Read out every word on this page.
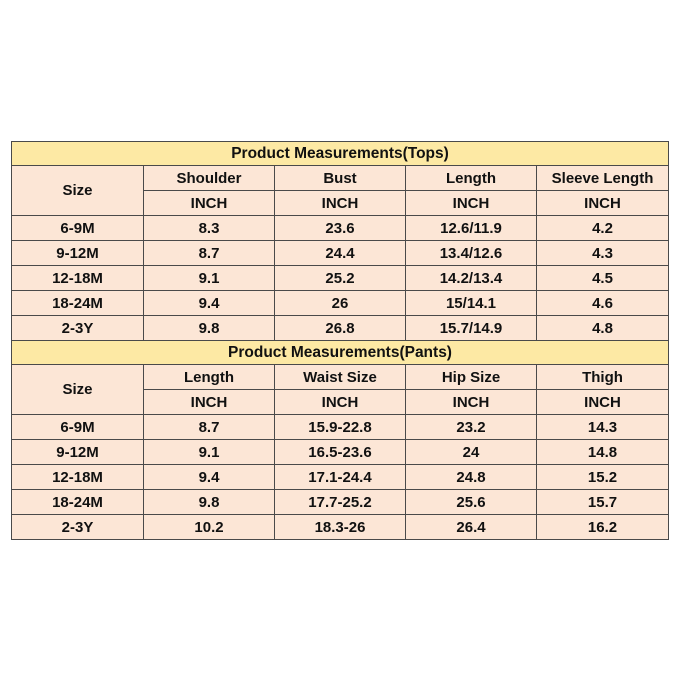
Product Measurements(Tops)				
Size	Shoulder	Bust	Length	Sleeve Length
	INCH	INCH	INCH	INCH
6-9M	8.3	23.6	12.6/11.9	4.2
9-12M	8.7	24.4	13.4/12.6	4.3
12-18M	9.1	25.2	14.2/13.4	4.5
18-24M	9.4	26	15/14.1	4.6
2-3Y	9.8	26.8	15.7/14.9	4.8
Product Measurements(Pants)				
Size	Length	Waist Size	Hip Size	Thigh
	INCH	INCH	INCH	INCH
6-9M	8.7	15.9-22.8	23.2	14.3
9-12M	9.1	16.5-23.6	24	14.8
12-18M	9.4	17.1-24.4	24.8	15.2
18-24M	9.8	17.7-25.2	25.6	15.7
2-3Y	10.2	18.3-26	26.4	16.2
